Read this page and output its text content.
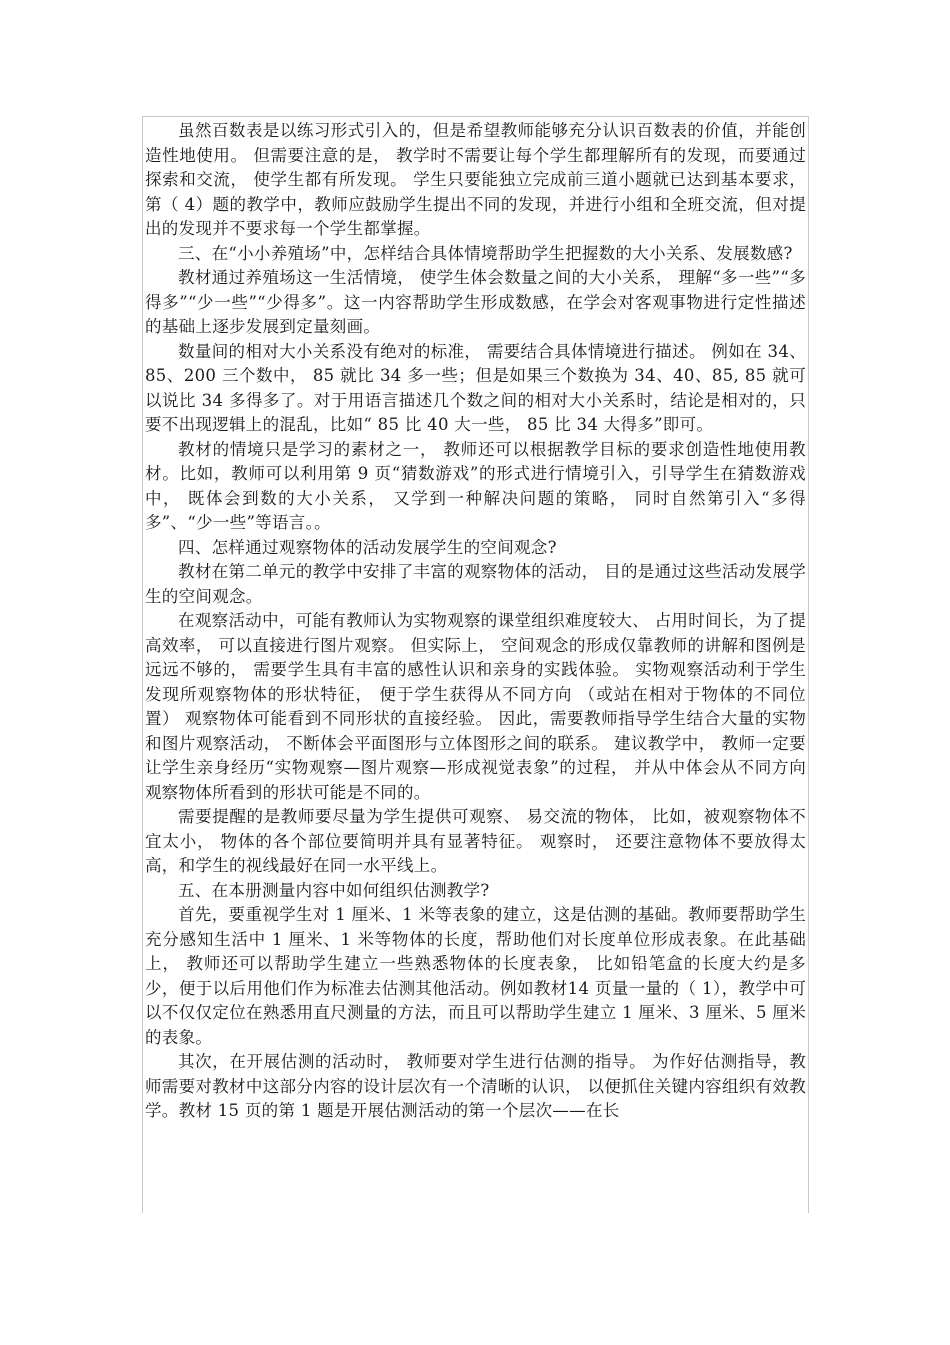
虽然百数表是以练习形式引入的，但是希望教师能够充分认识百数表的价值，并能创造性地使用。 但需要注意的是， 教学时不需要让每个学生都理解所有的发现，而要通过探索和交流， 使学生都有所发现。 学生只要能独立完成前三道小题就已达到基本要求，第（ 4）题的教学中，教师应鼓励学生提出不同的发现，并进行小组和全班交流，但对提出的发现并不要求每一个学生都掌握。

三、在“小小养殖场”中，怎样结合具体情境帮助学生把握数的大小关系、发展数感?

教材通过养殖场这一生活情境， 使学生体会数量之间的大小关系， 理解“多一些”“多得多”“少一些”“少得多”。这一内容帮助学生形成数感，在学会对客观事物进行定性描述的基础上逐步发展到定量刻画。

数量间的相对大小关系没有绝对的标准， 需要结合具体情境进行描述。 例如在 34、85、200 三个数中， 85 就比 34 多一些；但是如果三个数换为 34、40、85, 85 就可以说比 34 多得多了。对于用语言描述几个数之间的相对大小关系时，结论是相对的，只要不出现逻辑上的混乱，比如“ 85 比 40 大一些， 85 比 34 大得多”即可。

教材的情境只是学习的素材之一， 教师还可以根据教学目标的要求创造性地使用教材。比如，教师可以利用第 9 页“猜数游戏”的形式进行情境引入，引导学生在猜数游戏中， 既体会到数的大小关系， 又学到一种解决问题的策略， 同时自然第引入“多得多”、“少一些”等语言。。

四、怎样通过观察物体的活动发展学生的空间观念?

教材在第二单元的教学中安排了丰富的观察物体的活动， 目的是通过这些活动发展学生的空间观念。

在观察活动中，可能有教师认为实物观察的课堂组织难度较大、 占用时间长，为了提高效率， 可以直接进行图片观察。 但实际上， 空间观念的形成仅靠教师的讲解和图例是远远不够的， 需要学生具有丰富的感性认识和亲身的实践体验。 实物观察活动利于学生发现所观察物体的形状特征， 便于学生获得从不同方向 （或站在相对于物体的不同位置） 观察物体可能看到不同形状的直接经验。 因此，需要教师指导学生结合大量的实物和图片观察活动， 不断体会平面图形与立体图形之间的联系。 建议教学中， 教师一定要让学生亲身经历“实物观察—图片观察—形成视觉表象”的过程， 并从中体会从不同方向观察物体所看到的形状可能是不同的。

需要提醒的是教师要尽量为学生提供可观察、 易交流的物体， 比如，被观察物体不宜太小， 物体的各个部位要简明并具有显著特征。 观察时， 还要注意物体不要放得太高，和学生的视线最好在同一水平线上。

五、在本册测量内容中如何组织估测教学?

首先，要重视学生对 1 厘米、1 米等表象的建立，这是估测的基础。教师要帮助学生充分感知生活中 1 厘米、1 米等物体的长度，帮助他们对长度单位形成表象。在此基础上， 教师还可以帮助学生建立一些熟悉物体的长度表象， 比如铅笔盒的长度大约是多少，便于以后用他们作为标准去估测其他活动。例如教材14 页量一量的（ 1），教学中可以不仅仅定位在熟悉用直尺测量的方法，而且可以帮助学生建立 1 厘米、3 厘米、5 厘米的表象。

其次，在开展估测的活动时， 教师要对学生进行估测的指导。 为作好估测指导，教师需要对教材中这部分内容的设计层次有一个清晰的认识， 以便抓住关键内容组织有效教学。教材 15 页的第 1 题是开展估测活动的第一个层次——在长
